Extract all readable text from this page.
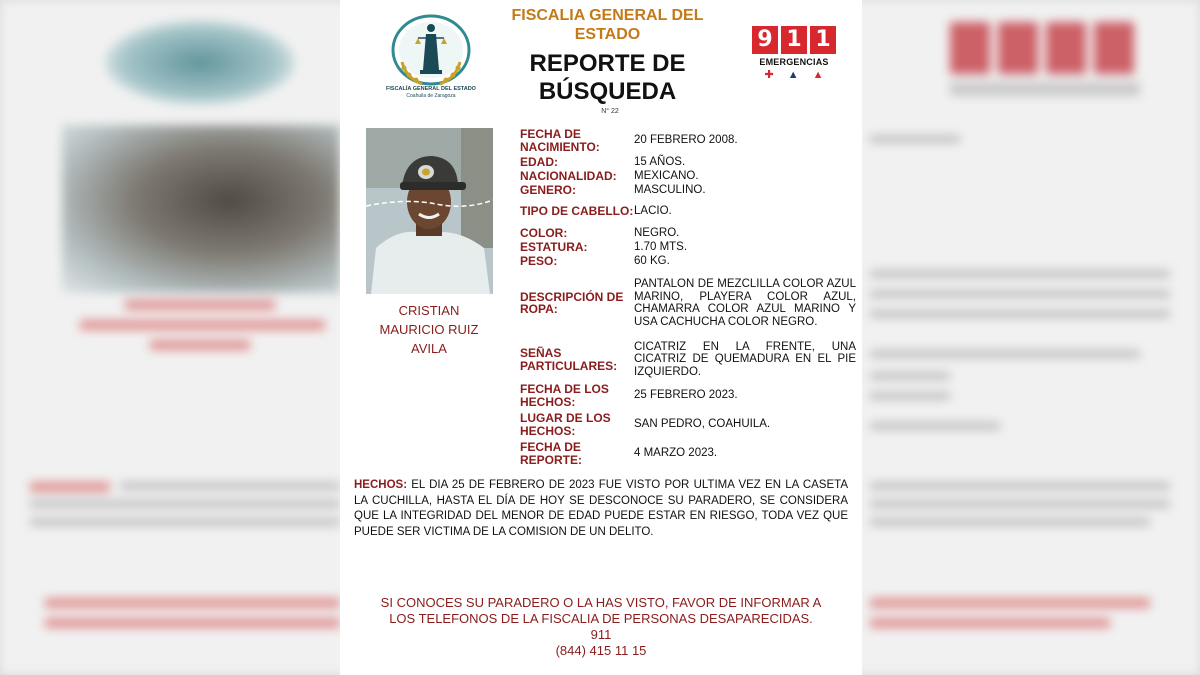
FISCALÍA GENERAL DEL ESTADO
Coahuila de Zaragoza
FISCALIA GENERAL DEL
ESTADO
REPORTE DE
BÚSQUEDA
N° 22
9 1 1
EMERGENCIAS
✚ ▲ ▲
CRISTIAN
MAURICIO RUIZ
AVILA
FECHA DE NACIMIENTO:	20 FEBRERO 2008.
EDAD:	15 AÑOS.
NACIONALIDAD:	MEXICANO.
GENERO:	MASCULINO.
TIPO DE CABELLO: LACIO.
COLOR:	NEGRO.
ESTATURA:	1.70 MTS.
PESO:	60 KG.
DESCRIPCIÓN DE ROPA:
PANTALON DE MEZCLILLA COLOR AZUL MARINO, PLAYERA COLOR AZUL, CHAMARRA COLOR AZUL MARINO Y USA CACHUCHA COLOR NEGRO.
SEÑAS PARTICULARES:
CICATRIZ EN LA FRENTE, UNA CICATRIZ DE QUEMADURA EN EL PIE IZQUIERDO.
FECHA DE LOS HECHOS:	25 FEBRERO 2023.
LUGAR DE LOS HECHOS:	SAN PEDRO, COAHUILA.
FECHA DE REPORTE:	4 MARZO 2023.
HECHOS: EL DIA 25 DE FEBRERO DE 2023 FUE VISTO POR ULTIMA VEZ EN LA CASETA LA CUCHILLA, HASTA EL DÍA DE HOY SE DESCONOCE SU PARADERO, SE CONSIDERA QUE LA INTEGRIDAD DEL MENOR DE EDAD PUEDE ESTAR EN RIESGO, TODA VEZ QUE PUEDE SER VICTIMA DE LA COMISION DE UN DELITO.
SI CONOCES SU PARADERO O LA HAS VISTO, FAVOR DE INFORMAR A
LOS TELEFONOS DE LA FISCALIA DE PERSONAS DESAPARECIDAS.
911
(844) 415 11 15
